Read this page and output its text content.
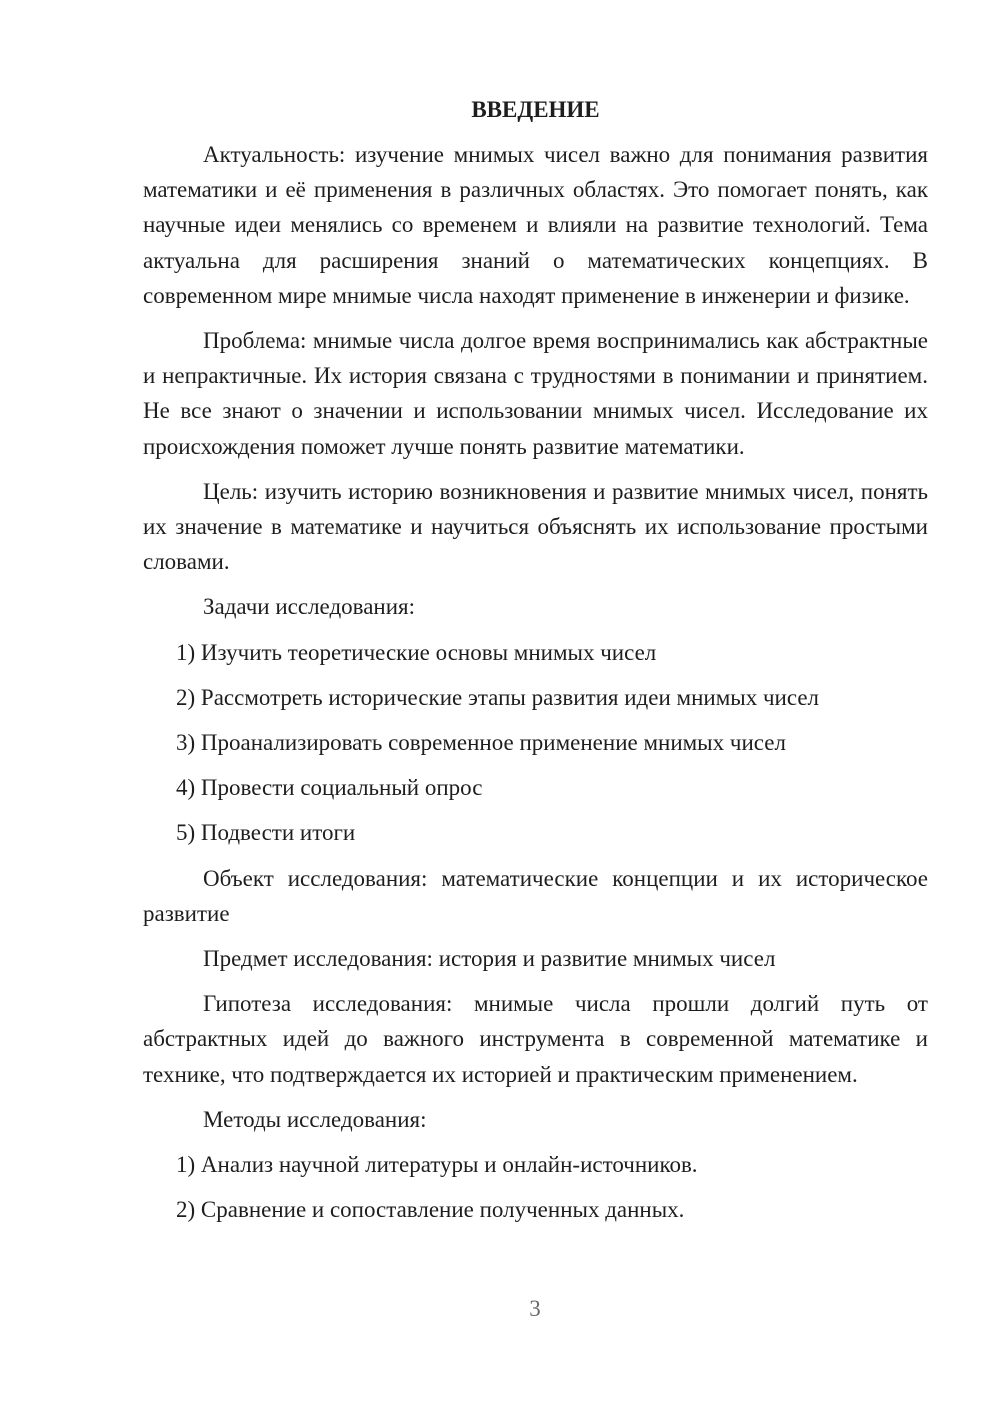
ВВЕДЕНИЕ

Актуальность: изучение мнимых чисел важно для понимания развития математики и её применения в различных областях. Это помогает понять, как научные идеи менялись со временем и влияли на развитие технологий. Тема актуальна для расширения знаний о математических концепциях. В современном мире мнимые числа находят применение в инженерии и физике.

Проблема: мнимые числа долгое время воспринимались как абстрактные и непрактичные. Их история связана с трудностями в понимании и принятием. Не все знают о значении и использовании мнимых чисел. Исследование их происхождения поможет лучше понять развитие математики.

Цель: изучить историю возникновения и развитие мнимых чисел, понять их значение в математике и научиться объяснять их использование простыми словами.

Задачи исследования:

1) Изучить теоретические основы мнимых чисел
2) Рассмотреть исторические этапы развития идеи мнимых чисел
3) Проанализировать современное применение мнимых чисел
4) Провести социальный опрос
5) Подвести итоги

Объект исследования: математические концепции и их историческое развитие

Предмет исследования: история и развитие мнимых чисел

Гипотеза исследования: мнимые числа прошли долгий путь от абстрактных идей до важного инструмента в современной математике и технике, что подтверждается их историей и практическим применением.

Методы исследования:

1) Анализ научной литературы и онлайн-источников.
2) Сравнение и сопоставление полученных данных.
3
